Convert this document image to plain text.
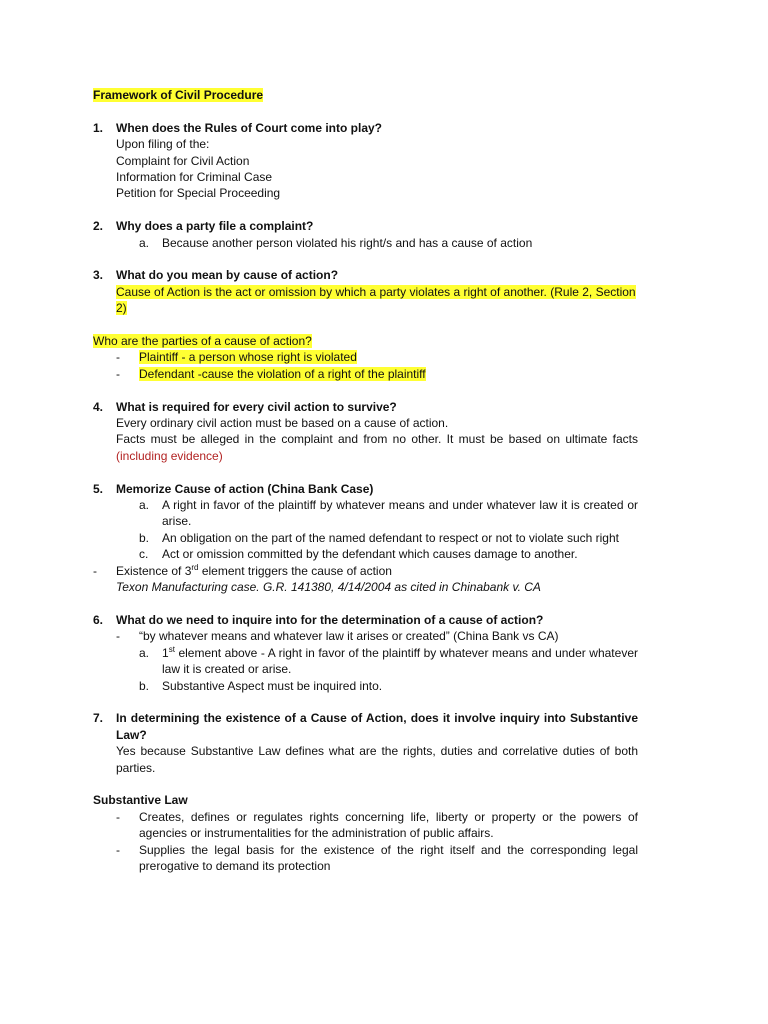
Framework of Civil Procedure
1.	When does the Rules of Court come into play?
Upon filing of the:
Complaint for Civil Action
Information for Criminal Case
Petition for Special Proceeding
2.	Why does a party file a complaint?
a.	Because another person violated his right/s and has a cause of action
3.	What do you mean by cause of action?
Cause of Action is the act or omission by which a party violates a right of another. (Rule 2, Section 2)
Who are the parties of a cause of action?
-	Plaintiff - a person whose right is violated
-	Defendant -cause the violation of a right of the plaintiff
4.	What is required for every civil action to survive?
Every ordinary civil action must be based on a cause of action.
Facts must be alleged in the complaint and from no other. It must be based on ultimate facts (including evidence)
5.	Memorize Cause of action (China Bank Case)
a.	A right in favor of the plaintiff by whatever means and under whatever law it is created or arise.
b.	An obligation on the part of the named defendant to respect or not to violate such right
c.	Act or omission committed by the defendant which causes damage to another.
-	Existence of 3rd element triggers the cause of action
Texon Manufacturing case. G.R. 141380, 4/14/2004 as cited in Chinabank v. CA
6.	What do we need to inquire into for the determination of a cause of action?
-	“by whatever means and whatever law it arises or created” (China Bank vs CA)
a.	1st element above - A right in favor of the plaintiff by whatever means and under whatever law it is created or arise.
b.	Substantive Aspect must be inquired into.
7.	In determining the existence of a Cause of Action, does it involve inquiry into Substantive Law?
Yes because Substantive Law defines what are the rights, duties and correlative duties of both parties.
Substantive Law
-	Creates, defines or regulates rights concerning life, liberty or property or the powers of agencies or instrumentalities for the administration of public affairs.
-	Supplies the legal basis for the existence of the right itself and the corresponding legal prerogative to demand its protection
